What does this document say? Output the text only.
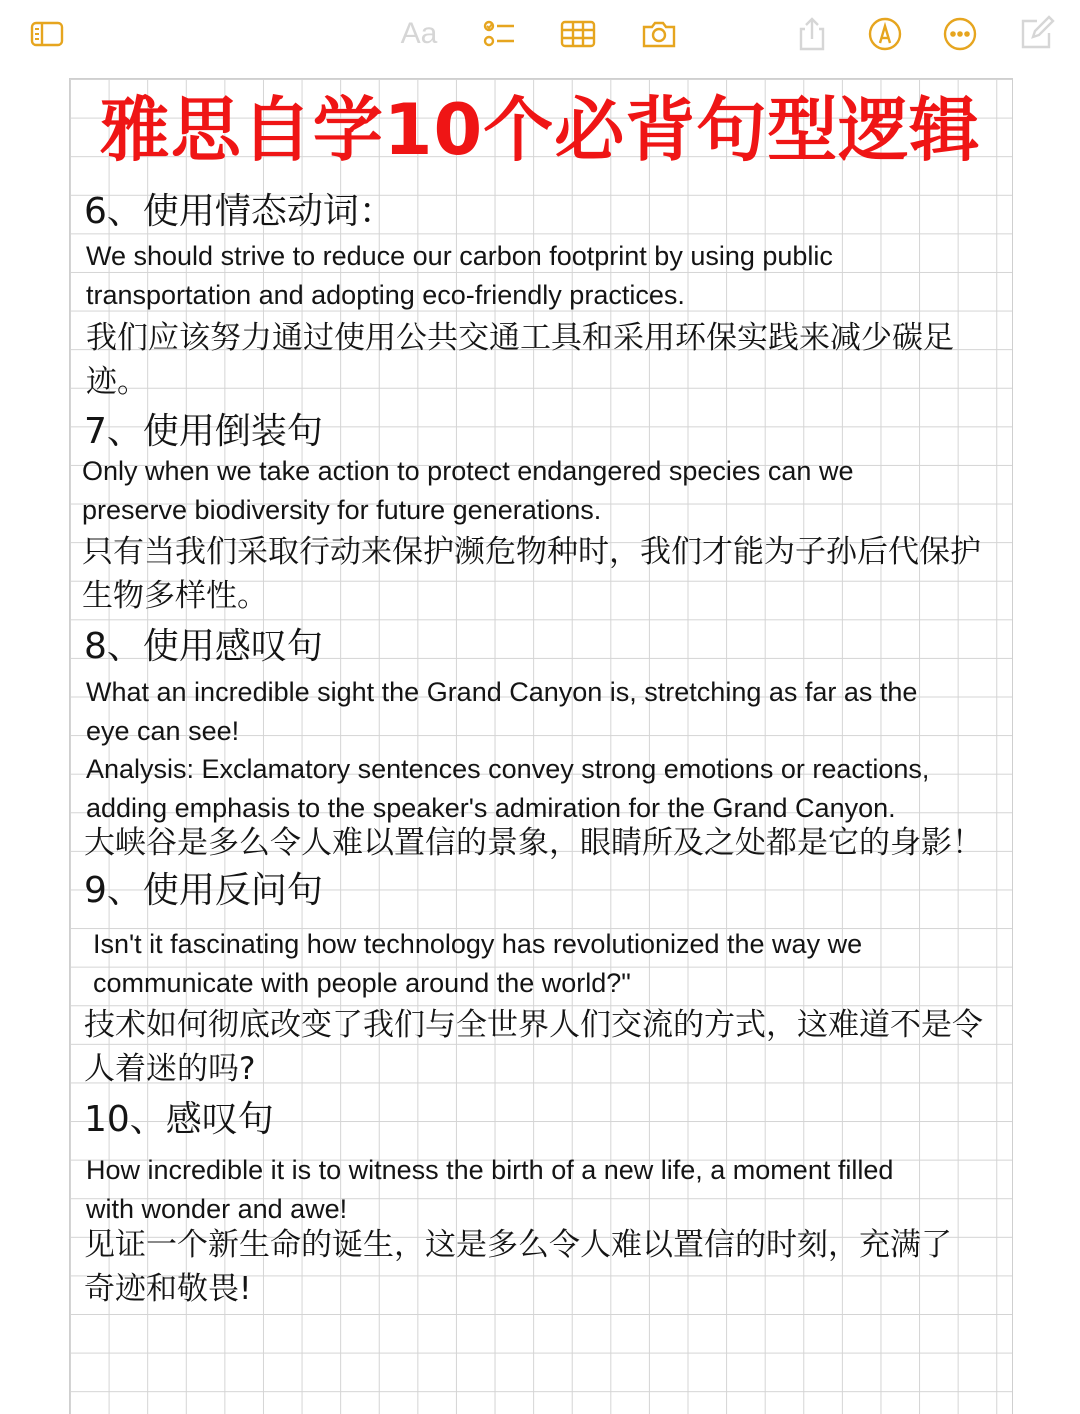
Aa
雅思自学10个必背句型逻辑
6、使用情态动词：
We should strive to reduce our carbon footprint by using public
transportation and adopting eco-friendly practices.
我们应该努力通过使用公共交通工具和采用环保实践来减少碳足
迹。
7、使用倒装句
Only when we take action to protect endangered species can we
preserve biodiversity for future generations.
只有当我们采取行动来保护濒危物种时，我们才能为子孙后代保护
生物多样性。
8、使用感叹句
What an incredible sight the Grand Canyon is, stretching as far as the
eye can see!
Analysis: Exclamatory sentences convey strong emotions or reactions,
adding emphasis to the speaker's admiration for the Grand Canyon.
大峡谷是多么令人难以置信的景象，眼睛所及之处都是它的身影！
9、使用反问句
Isn't it fascinating how technology has revolutionized the way we
communicate with people around the world?"
技术如何彻底改变了我们与全世界人们交流的方式，这难道不是令
人着迷的吗?
10、感叹句
How incredible it is to witness the birth of a new life, a moment filled
with wonder and awe!
见证一个新生命的诞生，这是多么令人难以置信的时刻，充满了
奇迹和敬畏!
